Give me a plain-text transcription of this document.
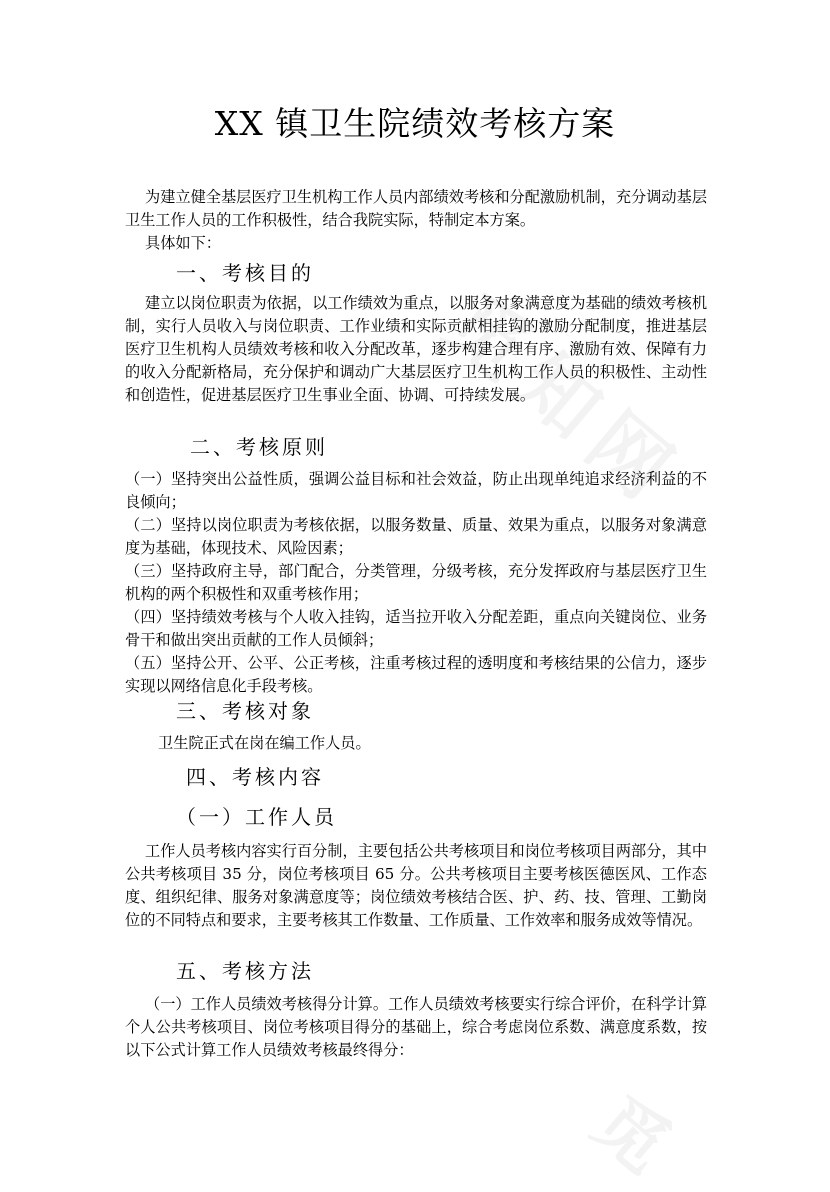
XX 镇卫生院绩效考核方案
为建立健全基层医疗卫生机构工作人员内部绩效考核和分配激励机制，充分调动基层卫生工作人员的工作积极性，结合我院实际，特制定本方案。
具体如下：
一、考核目的
建立以岗位职责为依据，以工作绩效为重点，以服务对象满意度为基础的绩效考核机制，实行人员收入与岗位职责、工作业绩和实际贡献相挂钩的激励分配制度，推进基层医疗卫生机构人员绩效考核和收入分配改革，逐步构建合理有序、激励有效、保障有力的收入分配新格局，充分保护和调动广大基层医疗卫生机构工作人员的积极性、主动性和创造性，促进基层医疗卫生事业全面、协调、可持续发展。
二、考核原则
（一）坚持突出公益性质，强调公益目标和社会效益，防止出现单纯追求经济利益的不良倾向；
（二）坚持以岗位职责为考核依据，以服务数量、质量、效果为重点，以服务对象满意度为基础，体现技术、风险因素；
（三）坚持政府主导，部门配合，分类管理，分级考核，充分发挥政府与基层医疗卫生机构的两个积极性和双重考核作用；
（四）坚持绩效考核与个人收入挂钩，适当拉开收入分配差距，重点向关键岗位、业务骨干和做出突出贡献的工作人员倾斜；
（五）坚持公开、公平、公正考核，注重考核过程的透明度和考核结果的公信力，逐步实现以网络信息化手段考核。
三、考核对象
卫生院正式在岗在编工作人员。
四、考核内容
（一）工作人员
工作人员考核内容实行百分制，主要包括公共考核项目和岗位考核项目两部分，其中公共考核项目 35 分，岗位考核项目 65 分。公共考核项目主要考核医德医风、工作态度、组织纪律、服务对象满意度等；岗位绩效考核结合医、护、药、技、管理、工勤岗位的不同特点和要求，主要考核其工作数量、工作质量、工作效率和服务成效等情况。
五、考核方法
（一）工作人员绩效考核得分计算。工作人员绩效考核要实行综合评价，在科学计算个人公共考核项目、岗位考核项目得分的基础上，综合考虑岗位系数、满意度系数，按以下公式计算工作人员绩效考核最终得分：
